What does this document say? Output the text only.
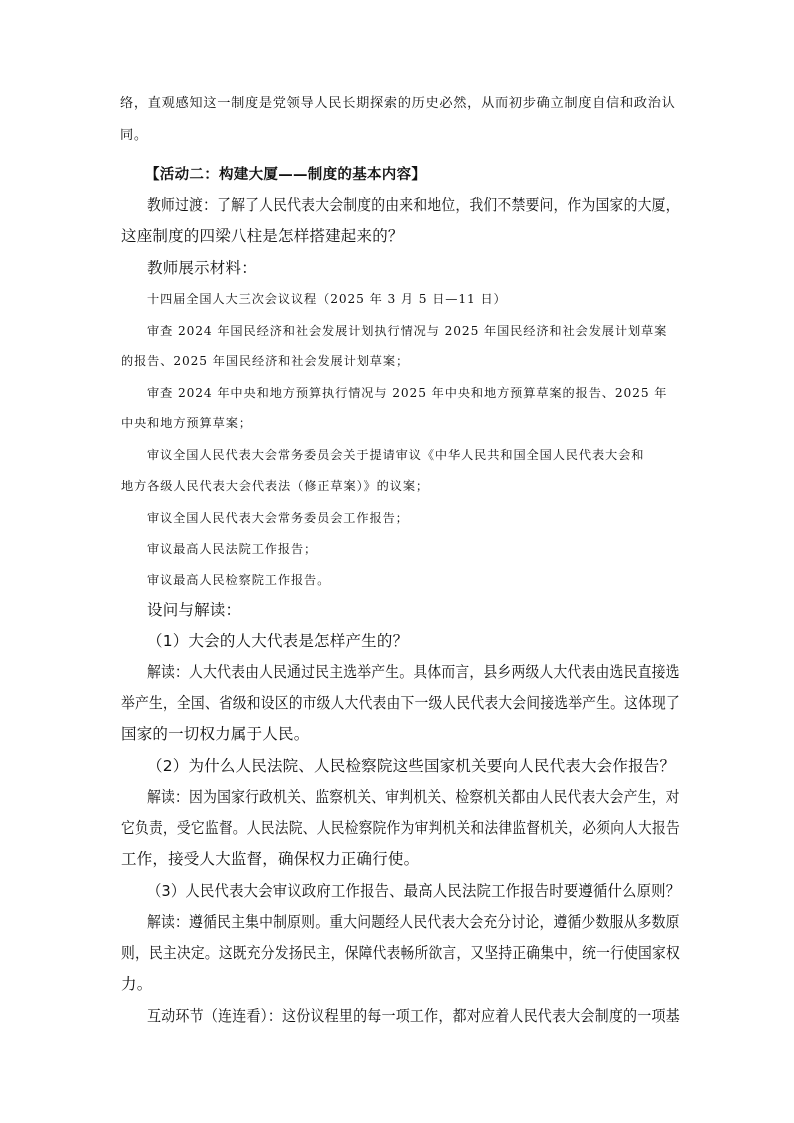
络，直观感知这一制度是党领导人民长期探索的历史必然，从而初步确立制度自信和政治认
同。
【活动二：构建大厦——制度的基本内容】
教师过渡：了解了人民代表大会制度的由来和地位，我们不禁要问，作为国家的大厦，
这座制度的四梁八柱是怎样搭建起来的？
教师展示材料：
十四届全国人大三次会议议程（2025 年 3 月 5 日—11 日）
审查 2024 年国民经济和社会发展计划执行情况与 2025 年国民经济和社会发展计划草案
的报告、2025 年国民经济和社会发展计划草案；
审查 2024 年中央和地方预算执行情况与 2025 年中央和地方预算草案的报告、2025 年
中央和地方预算草案；
审议全国人民代表大会常务委员会关于提请审议《中华人民共和国全国人民代表大会和
地方各级人民代表大会代表法（修正草案）》的议案；
审议全国人民代表大会常务委员会工作报告；
审议最高人民法院工作报告；
审议最高人民检察院工作报告。
设问与解读：
（1）大会的人大代表是怎样产生的？
解读：人大代表由人民通过民主选举产生。具体而言，县乡两级人大代表由选民直接选
举产生，全国、省级和设区的市级人大代表由下一级人民代表大会间接选举产生。这体现了
国家的一切权力属于人民。
（2）为什么人民法院、人民检察院这些国家机关要向人民代表大会作报告？
解读：因为国家行政机关、监察机关、审判机关、检察机关都由人民代表大会产生，对
它负责，受它监督。人民法院、人民检察院作为审判机关和法律监督机关，必须向人大报告
工作，接受人大监督，确保权力正确行使。
（3）人民代表大会审议政府工作报告、最高人民法院工作报告时要遵循什么原则？
解读：遵循民主集中制原则。重大问题经人民代表大会充分讨论，遵循少数服从多数原
则，民主决定。这既充分发扬民主，保障代表畅所欲言，又坚持正确集中，统一行使国家权
力。
互动环节（连连看）：这份议程里的每一项工作，都对应着人民代表大会制度的一项基
